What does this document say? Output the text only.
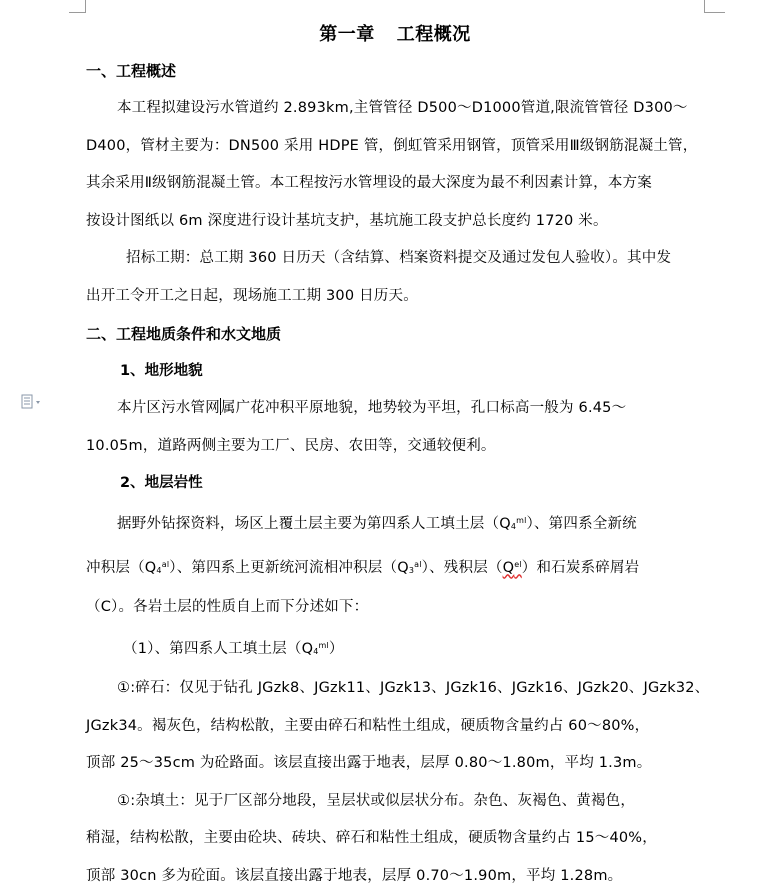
第一章 工程概况
一、工程概述
本工程拟建设污水管道约 2.893km,主管管径 D500～D1000管道,限流管管径 D300～
D400，管材主要为：DN500 采用 HDPE 管，倒虹管采用钢管，顶管采用Ⅲ级钢筋混凝土管，
其余采用Ⅱ级钢筋混凝土管。本工程按污水管埋设的最大深度为最不利因素计算，本方案
按设计图纸以 6m 深度进行设计基坑支护，基坑施工段支护总长度约 1720 米。
招标工期：总工期 360 日历天（含结算、档案资料提交及通过发包人验收）。其中发
出开工令开工之日起，现场施工工期 300 日历天。
二、工程地质条件和水文地质
1、地形地貌
本片区污水管网属广花冲积平原地貌，地势较为平坦，孔口标高一般为 6.45～
10.05m，道路两侧主要为工厂、民房、农田等，交通较便利。
2、地层岩性
据野外钻探资料，场区上覆土层主要为第四系人工填土层$(Q_4^{ml})$、第四系全新统
冲积层$(Q_4^{al})$、第四系上更新统河流相冲积层$(Q_3^{al})$、残积层$(Q^{el})$和石炭系碎屑岩
（C）。各岩土层的性质自上而下分述如下：
（1）、第四系人工填土层$(Q_4^{ml})$
①:碎石：仅见于钻孔 JGzk8、JGzk11、JGzk13、JGzk16、JGzk16、JGzk20、JGzk32、
JGzk34。褐灰色，结构松散，主要由碎石和粘性土组成，硬质物含量约占 60～80%，
顶部 25～35cm 为砼路面。该层直接出露于地表，层厚 0.80～1.80m，平均 1.3m。
①:杂填土：见于厂区部分地段，呈层状或似层状分布。杂色、灰褐色、黄褐色，
稍湿，结构松散，主要由砼块、砖块、碎石和粘性土组成，硬质物含量约占 15～40%，
顶部 30cn 多为砼面。该层直接出露于地表，层厚 0.70～1.90m，平均 1.28m。
